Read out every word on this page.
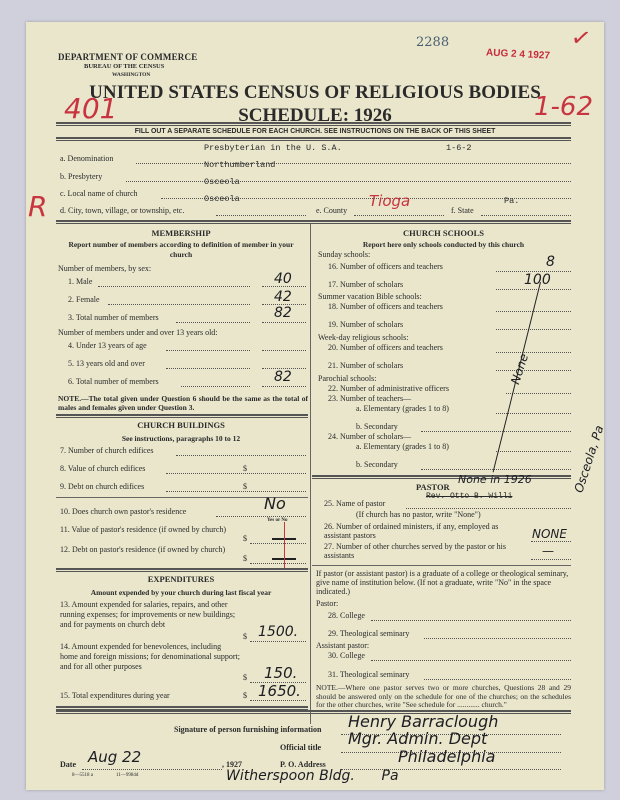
DEPARTMENT OF COMMERCE
BUREAU OF THE CENSUS
WASHINGTON
2288
AUG 2 4 1927
✓
UNITED STATES CENSUS OF RELIGIOUS BODIES
SCHEDULE: 1926
401	1-62
FILL OUT A SEPARATE SCHEDULE FOR EACH CHURCH. SEE INSTRUCTIONS ON THE BACK OF THIS SHEET
Presbyterian in the U. S.A.	1-6-2
a. Denomination
Northumberland
b. Presbytery
Osceola
c. Local name of church
R	Osceola
d. City, town, village, or township, etc.	e. County
Tioga
f. State
Pa.
MEMBERSHIP
Report number of members according to definition of member in your church
Number of members, by sex:
1. Male	40
2. Female	42
3. Total number of members	82
Number of members under and over 13 years old:
4. Under 13 years of age
5. 13 years old and over
6. Total number of members	82
NOTE.—The total given under Question 6 should be the same as the total of males and females given under Question 3.
CHURCH BUILDINGS
See instructions, paragraphs 10 to 12
7. Number of church edifices
8. Value of church edifices	$
9. Debt on church edifices	$
10. Does church own pastor's residence	No
Yes or No
11. Value of pastor's residence (if owned by church)
$
12. Debt on pastor's residence (if owned by church)
$
EXPENDITURES
Amount expended by your church during last fiscal year
13. Amount expended for salaries, repairs, and other running expenses; for improvements or new buildings; and for payments on church debt
$ 1500.
14. Amount expended for benevolences, including home and foreign missions; for denominational support; and for all other purposes
$ 150.
15. Total expenditures during year	$ 1650.
CHURCH SCHOOLS
Report here only schools conducted by this church
Sunday schools:
16. Number of officers and teachers	8
17. Number of scholars	100
Summer vacation Bible schools:
18. Number of officers and teachers
19. Number of scholars
Week-day religious schools:
20. Number of officers and teachers
21. Number of scholars
Parochial schools:
22. Number of administrative officers
23. Number of teachers—
a. Elementary (grades 1 to 8)
b. Secondary
24. Number of scholars—
a. Elementary (grades 1 to 8)
b. Secondary
None
Osceola, Pa
PASTOR
None in 1926
Rev. Otto B. Willi
25. Name of pastor
(If church has no pastor, write "None")
26. Number of ordained ministers, if any, employed as assistant pastors	NONE
27. Number of other churches served by the pastor or his assistants	—
If pastor (or assistant pastor) is a graduate of a college or theological seminary, give name of institution below. (If not a graduate, write "No" in the space indicated.)
Pastor:
28. College
29. Theological seminary
Assistant pastor:
30. College
31. Theological seminary
NOTE.—Where one pastor serves two or more churches, Questions 28 and 29 should be answered only on the schedule for one of the churches; on the schedules for the other churches, write "See schedule for ............ church."
Signature of person furnishing information Henry Barraclough
Official title Mgr. Admin. Dept
Date Aug 22	, 1927	P. O. Address	Philadelphia
Witherspoon Bldg.      Pa
8—5518 a	11—9984d
